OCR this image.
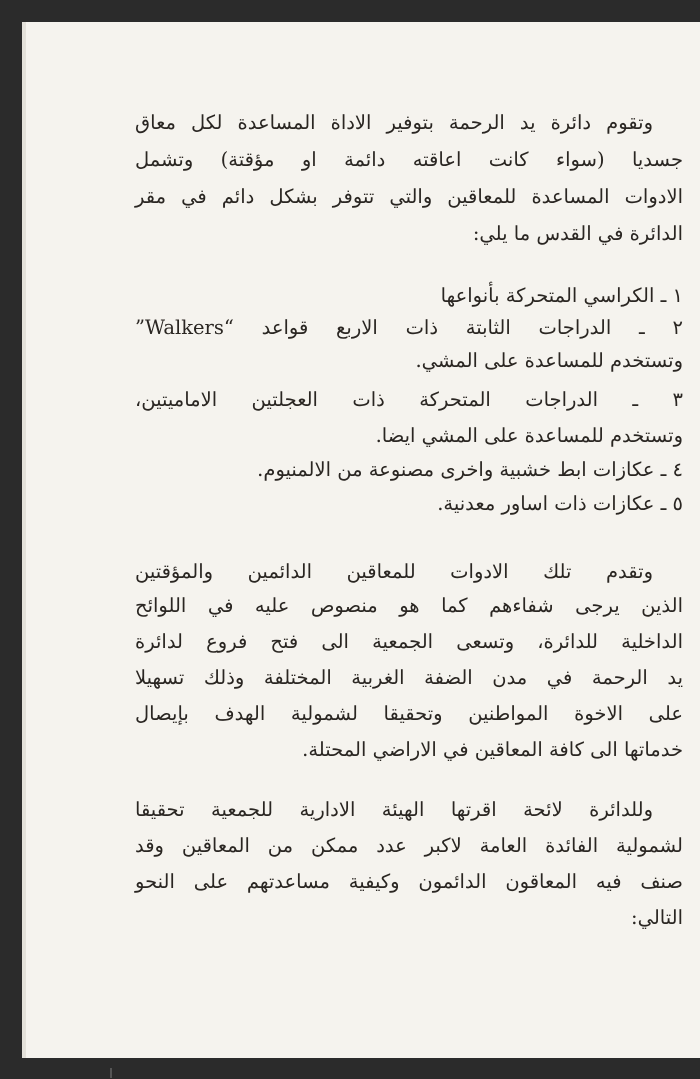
وتقوم دائرة يد الرحمة بتوفير الاداة المساعدة لكل معاق
جسديا (سواء كانت اعاقته دائمة او مؤقتة) وتشمل
الادوات المساعدة للمعاقين والتي تتوفر بشكل دائم في مقر
الدائرة في القدس ما يلي:
١ ـ الكراسي المتحركة بأنواعها
٢ ـ الدراجات الثابتة ذات الاربع قواعد “Walkers”
وتستخدم للمساعدة على المشي.
٣ ـ الدراجات المتحركة ذات العجلتين الاماميتين،
وتستخدم للمساعدة على المشي ايضا.
٤ ـ عكازات ابط خشبية واخرى مصنوعة من الالمنيوم.
٥ ـ عكازات ذات اساور معدنية.
وتقدم تلك الادوات للمعاقين الدائمين والمؤقتين
الذين يرجى شفاءهم كما هو منصوص عليه في اللوائح
الداخلية للدائرة، وتسعى الجمعية الى فتح فروع لدائرة
يد الرحمة في مدن الضفة الغربية المختلفة وذلك تسهيلا
على الاخوة المواطنين وتحقيقا لشمولية الهدف بإيصال
خدماتها الى كافة المعاقين في الاراضي المحتلة.
وللدائرة لائحة اقرتها الهيئة الادارية للجمعية تحقيقا
لشمولية الفائدة العامة لاكبر عدد ممكن من المعاقين وقد
صنف فيه المعاقون الدائمون وكيفية مساعدتهم على النحو
التالي:
